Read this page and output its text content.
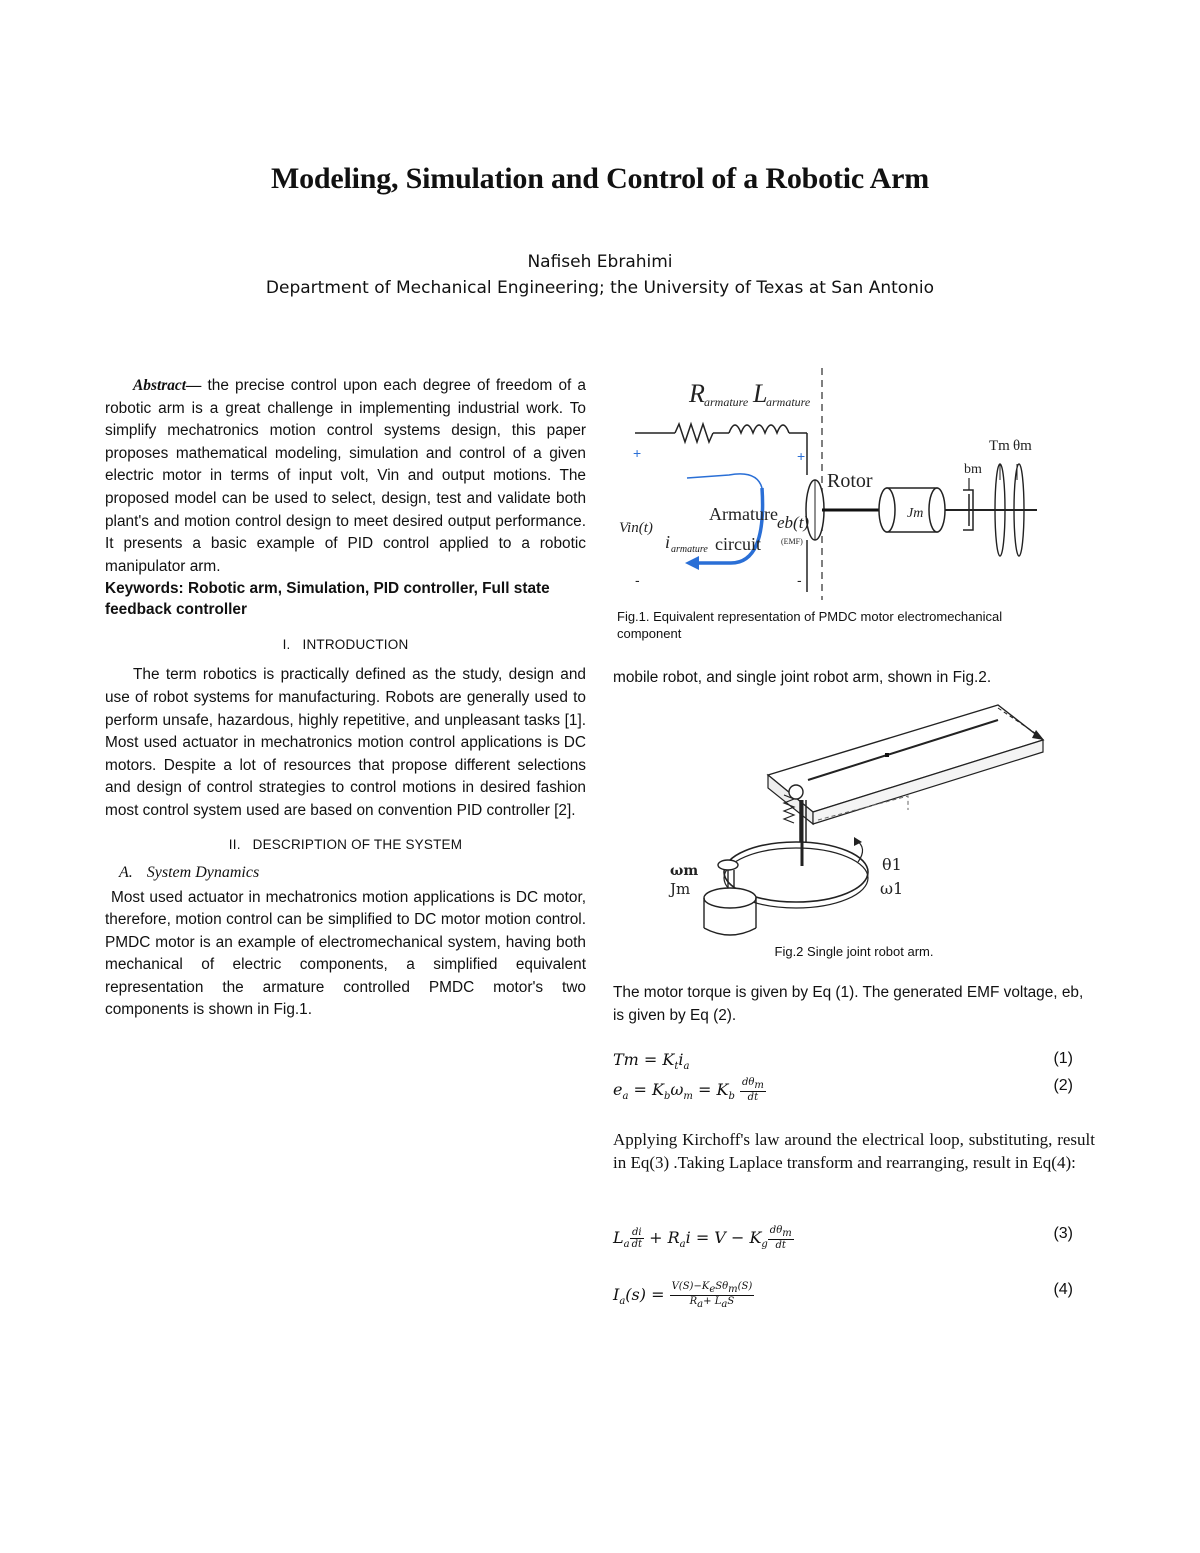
Modeling, Simulation and Control of a Robotic Arm
Nafiseh Ebrahimi
Department of Mechanical Engineering; the University of Texas at San Antonio

Abstract— the precise control upon each degree of freedom of a robotic arm is a great challenge in implementing industrial work. To simplify mechatronics motion control systems design, this paper proposes mathematical modeling, simulation and control of a given electric motor in terms of input volt, Vin and output motions. The proposed model can be used to select, design, test and validate both plant's and motion control design to meet desired output performance. It presents a basic example of PID control applied to a robotic manipulator arm.

Keywords: Robotic arm, Simulation, PID controller, Full state feedback controller

I. INTRODUCTION

The term robotics is practically defined as the study, design and use of robot systems for manufacturing. Robots are generally used to perform unsafe, hazardous, highly repetitive, and unpleasant tasks [1]. Most used actuator in mechatronics motion control applications is DC motors. Despite a lot of resources that propose different selections and design of control strategies to control motions in desired fashion most control system used are based on convention PID controller [2].

II. DESCRIPTION OF THE SYSTEM

A. System Dynamics

Most used actuator in mechatronics motion applications is DC motor, therefore, motion control can be simplified to DC motor motion control. PMDC motor is an example of electromechanical system, having both mechanical of electric components, a simplified equivalent representation the armature controlled PMDC motor's two components is shown in Fig.1.

R armature L
armature
+	+
-	-
Vin(t)
Armature
circuit
i armature
eb(t)
(EMF)
Rotor
Jm
bm
Tm θm
Fig.1. Equivalent representation of PMDC motor electromechanical component

mobile robot, and single joint robot arm, shown in Fig.2.

ωm
Jm
θ1
ω1
Fig.2 Single joint robot arm.

The motor torque is given by Eq (1). The generated EMF voltage, eb, is given by Eq (2).

$Tm = K_ti_a$	(1)
$e_a = K_b\omega_m = K_b \frac{d\theta_m}{dt}$	(2)

Applying Kirchoff's law around the electrical loop, substituting, result in Eq(3) .Taking Laplace transform and rearranging, result in Eq(4):

$L_a \frac{di}{dt} + R_ai = V - K_g \frac{d\theta_m}{dt}$	(3)
$I_a(s) = \frac{V(S)-K_eS\theta_m(S)}{R_a+ L_aS}$	(4)
